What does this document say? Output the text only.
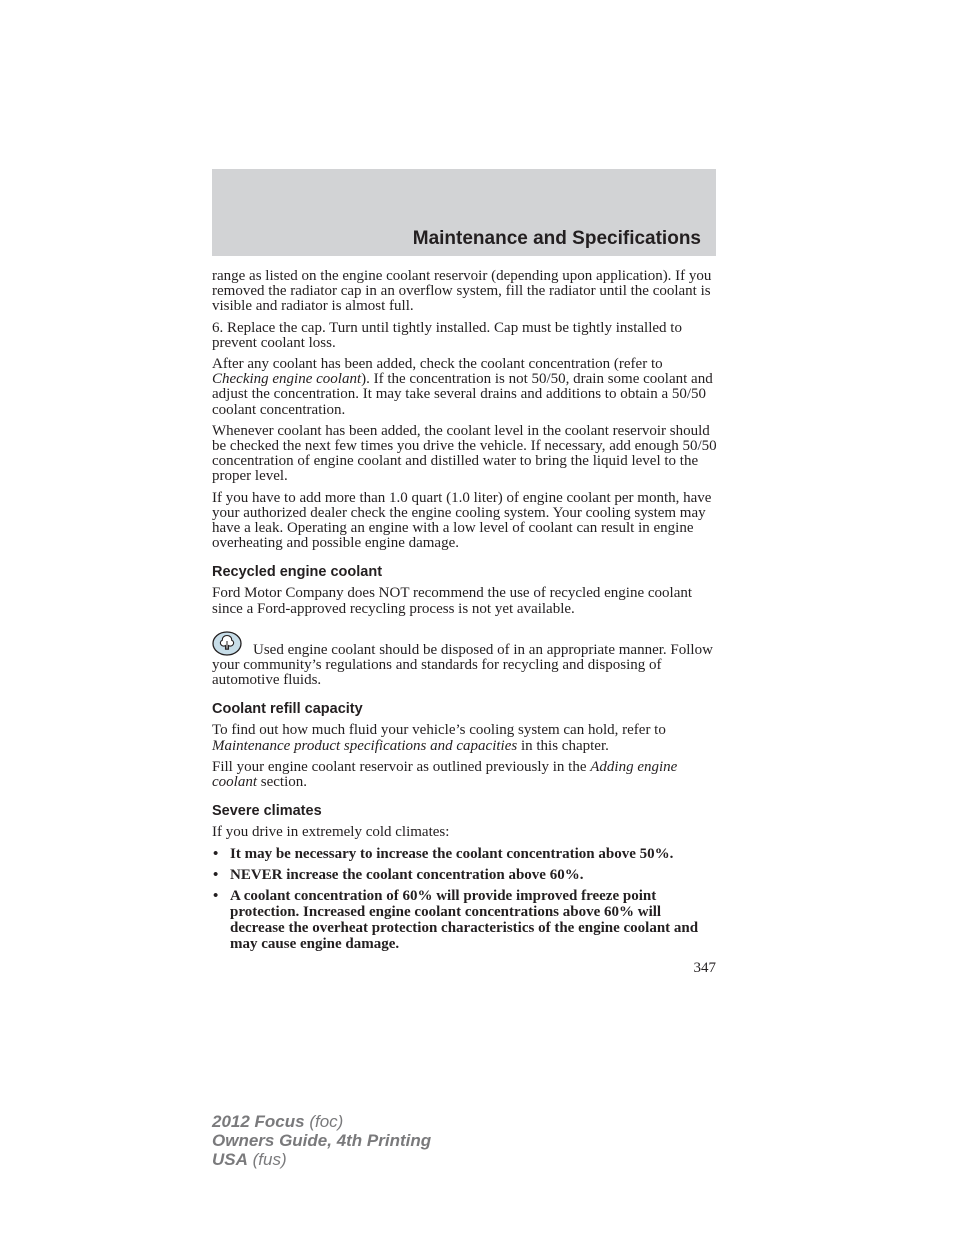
Maintenance and Specifications

range as listed on the engine coolant reservoir (depending upon application). If you removed the radiator cap in an overflow system, fill the radiator until the coolant is visible and radiator is almost full.

6. Replace the cap. Turn until tightly installed. Cap must be tightly installed to prevent coolant loss.

After any coolant has been added, check the coolant concentration (refer to Checking engine coolant). If the concentration is not 50/50, drain some coolant and adjust the concentration. It may take several drains and additions to obtain a 50/50 coolant concentration.

Whenever coolant has been added, the coolant level in the coolant reservoir should be checked the next few times you drive the vehicle. If necessary, add enough 50/50 concentration of engine coolant and distilled water to bring the liquid level to the proper level.

If you have to add more than 1.0 quart (1.0 liter) of engine coolant per month, have your authorized dealer check the engine cooling system. Your cooling system may have a leak. Operating an engine with a low level of coolant can result in engine overheating and possible engine damage.

Recycled engine coolant

Ford Motor Company does NOT recommend the use of recycled engine coolant since a Ford-approved recycling process is not yet available.

Used engine coolant should be disposed of in an appropriate manner. Follow your community’s regulations and standards for recycling and disposing of automotive fluids.

Coolant refill capacity

To find out how much fluid your vehicle’s cooling system can hold, refer to Maintenance product specifications and capacities in this chapter.

Fill your engine coolant reservoir as outlined previously in the Adding engine coolant section.

Severe climates

If you drive in extremely cold climates:

• It may be necessary to increase the coolant concentration above 50%.
• NEVER increase the coolant concentration above 60%.
• A coolant concentration of 60% will provide improved freeze point protection. Increased engine coolant concentrations above 60% will decrease the overheat protection characteristics of the engine coolant and may cause engine damage.
347
2012 Focus (foc)
Owners Guide, 4th Printing
USA (fus)
